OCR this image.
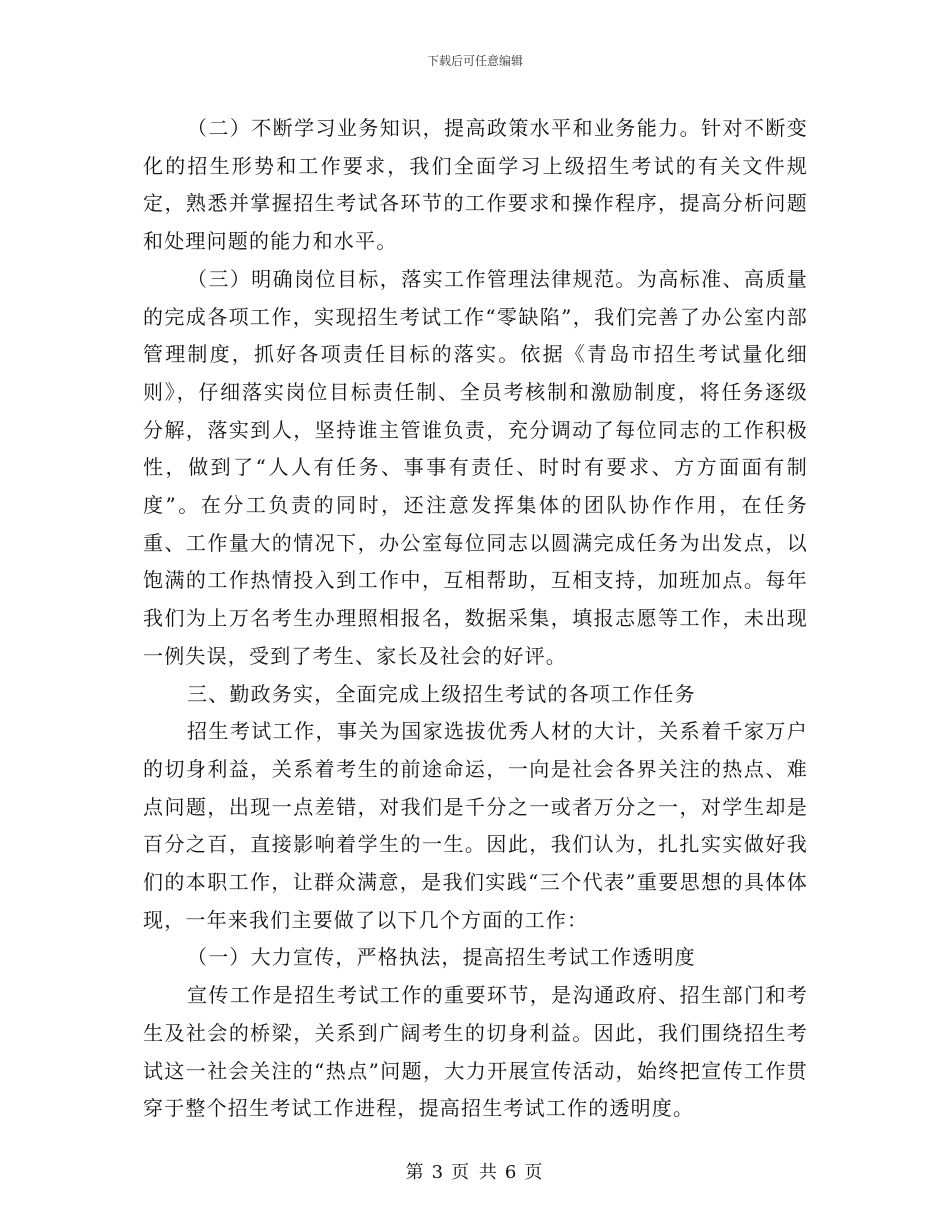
下载后可任意编辑

（二）不断学习业务知识，提高政策水平和业务能力。针对不断变化的招生形势和工作要求，我们全面学习上级招生考试的有关文件规定，熟悉并掌握招生考试各环节的工作要求和操作程序，提高分析问题和处理问题的能力和水平。

（三）明确岗位目标，落实工作管理法律规范。为高标准、高质量的完成各项工作，实现招生考试工作“零缺陷”，我们完善了办公室内部管理制度，抓好各项责任目标的落实。依据《青岛市招生考试量化细则》，仔细落实岗位目标责任制、全员考核制和激励制度，将任务逐级分解，落实到人，坚持谁主管谁负责，充分调动了每位同志的工作积极性，做到了“人人有任务、事事有责任、时时有要求、方方面面有制度”。在分工负责的同时，还注意发挥集体的团队协作作用，在任务重、工作量大的情况下，办公室每位同志以圆满完成任务为出发点，以饱满的工作热情投入到工作中，互相帮助，互相支持，加班加点。每年我们为上万名考生办理照相报名，数据采集，填报志愿等工作，未出现一例失误，受到了考生、家长及社会的好评。

三、勤政务实，全面完成上级招生考试的各项工作任务

招生考试工作，事关为国家选拔优秀人材的大计，关系着千家万户的切身利益，关系着考生的前途命运，一向是社会各界关注的热点、难点问题，出现一点差错，对我们是千分之一或者万分之一，对学生却是百分之百，直接影响着学生的一生。因此，我们认为，扎扎实实做好我们的本职工作，让群众满意，是我们实践“三个代表”重要思想的具体体现，一年来我们主要做了以下几个方面的工作：

（一）大力宣传，严格执法，提高招生考试工作透明度

宣传工作是招生考试工作的重要环节，是沟通政府、招生部门和考生及社会的桥梁，关系到广阔考生的切身利益。因此，我们围绕招生考试这一社会关注的“热点”问题，大力开展宣传活动，始终把宣传工作贯穿于整个招生考试工作进程，提高招生考试工作的透明度。

第 3 页 共 6 页
